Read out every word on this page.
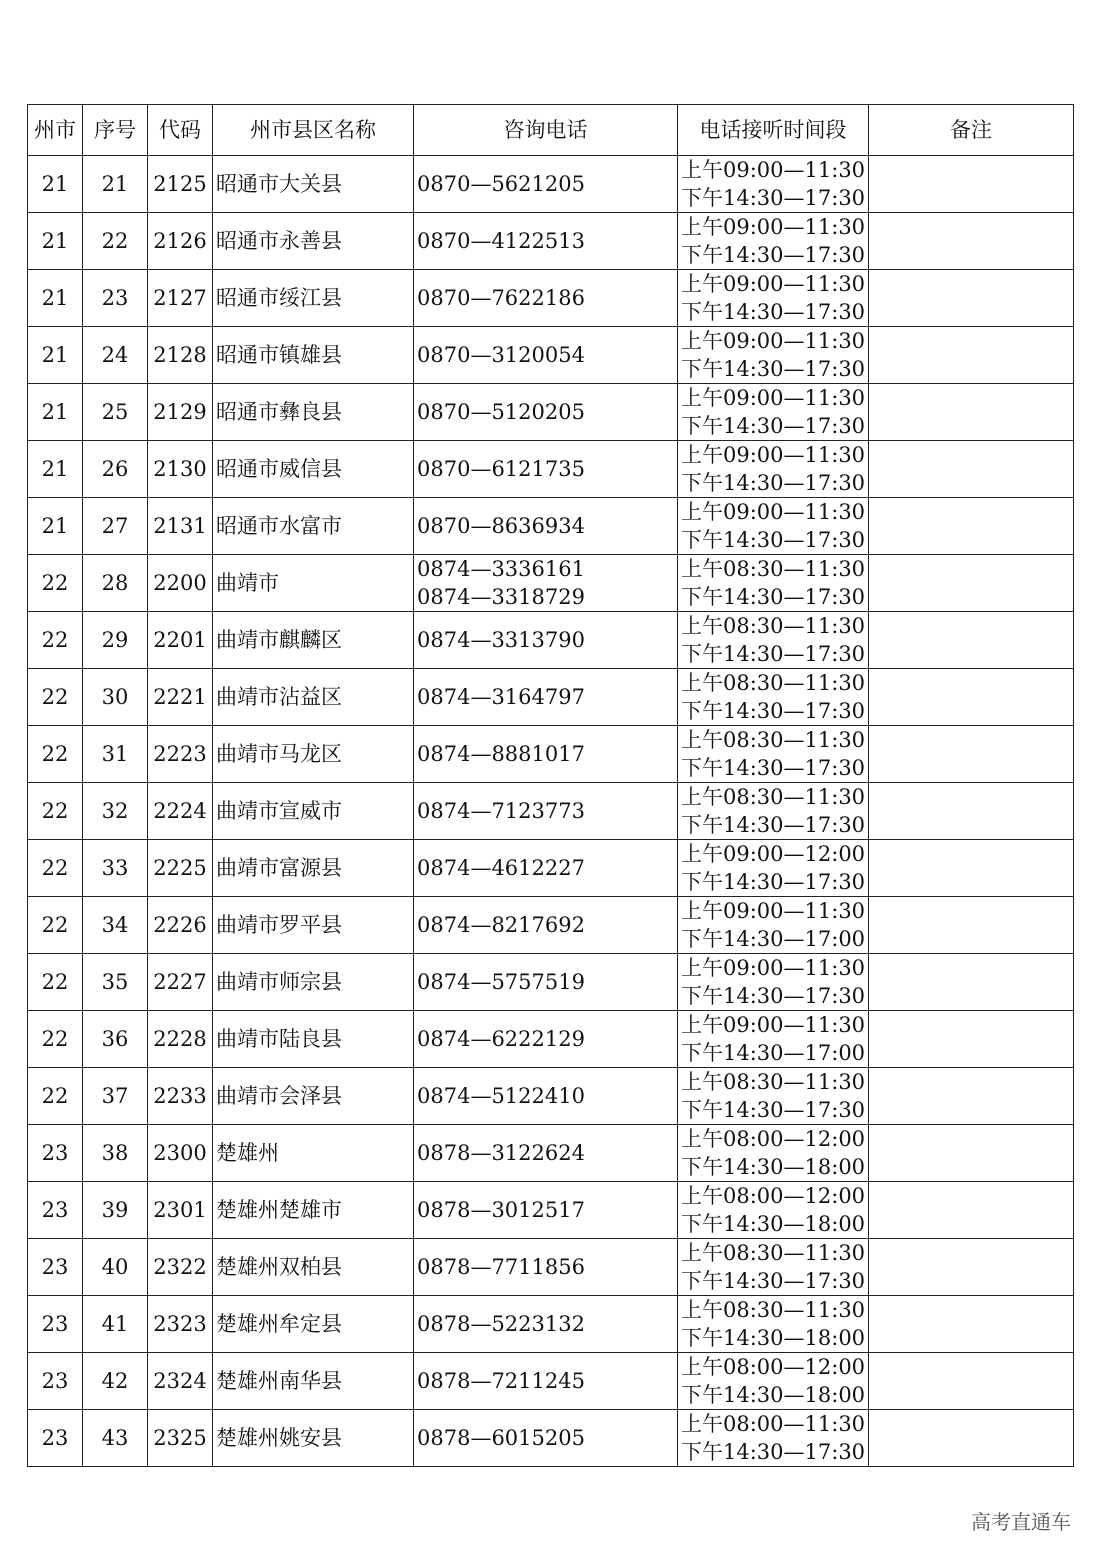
州市	序号	代码	州市县区名称	咨询电话	电话接听时间段	备注
21	21	2125	昭通市大关县	0870—5621205	上午09:00—11:30
下午14:30—17:30	

21	22	2126	昭通市永善县	0870—4122513	上午09:00—11:30
下午14:30—17:30	

21	23	2127	昭通市绥江县	0870—7622186	上午09:00—11:30
下午14:30—17:30	

21	24	2128	昭通市镇雄县	0870—3120054	上午09:00—11:30
下午14:30—17:30	

21	25	2129	昭通市彝良县	0870—5120205	上午09:00—11:30
下午14:30—17:30	

21	26	2130	昭通市威信县	0870—6121735	上午09:00—11:30
下午14:30—17:30	

21	27	2131	昭通市水富市	0870—8636934	上午09:00—11:30
下午14:30—17:30	

22	28	2200	曲靖市	0874—3336161
0874—3318729	上午08:30—11:30
下午14:30—17:30	

22	29	2201	曲靖市麒麟区	0874—3313790	上午08:30—11:30
下午14:30—17:30	

22	30	2221	曲靖市沾益区	0874—3164797	上午08:30—11:30
下午14:30—17:30	

22	31	2223	曲靖市马龙区	0874—8881017	上午08:30—11:30
下午14:30—17:30	

22	32	2224	曲靖市宣威市	0874—7123773	上午08:30—11:30
下午14:30—17:30	

22	33	2225	曲靖市富源县	0874—4612227	上午09:00—12:00
下午14:30—17:30	

22	34	2226	曲靖市罗平县	0874—8217692	上午09:00—11:30
下午14:30—17:00	

22	35	2227	曲靖市师宗县	0874—5757519	上午09:00—11:30
下午14:30—17:30	

22	36	2228	曲靖市陆良县	0874—6222129	上午09:00—11:30
下午14:30—17:00	

22	37	2233	曲靖市会泽县	0874—5122410	上午08:30—11:30
下午14:30—17:30	

23	38	2300	楚雄州	0878—3122624	上午08:00—12:00
下午14:30—18:00	

23	39	2301	楚雄州楚雄市	0878—3012517	上午08:00—12:00
下午14:30—18:00	

23	40	2322	楚雄州双柏县	0878—7711856	上午08:30—11:30
下午14:30—17:30	

23	41	2323	楚雄州牟定县	0878—5223132	上午08:30—11:30
下午14:30—18:00	

23	42	2324	楚雄州南华县	0878—7211245	上午08:00—12:00
下午14:30—18:00	

23	43	2325	楚雄州姚安县	0878—6015205	上午08:00—11:30
下午14:30—17:30	

高考直通车
